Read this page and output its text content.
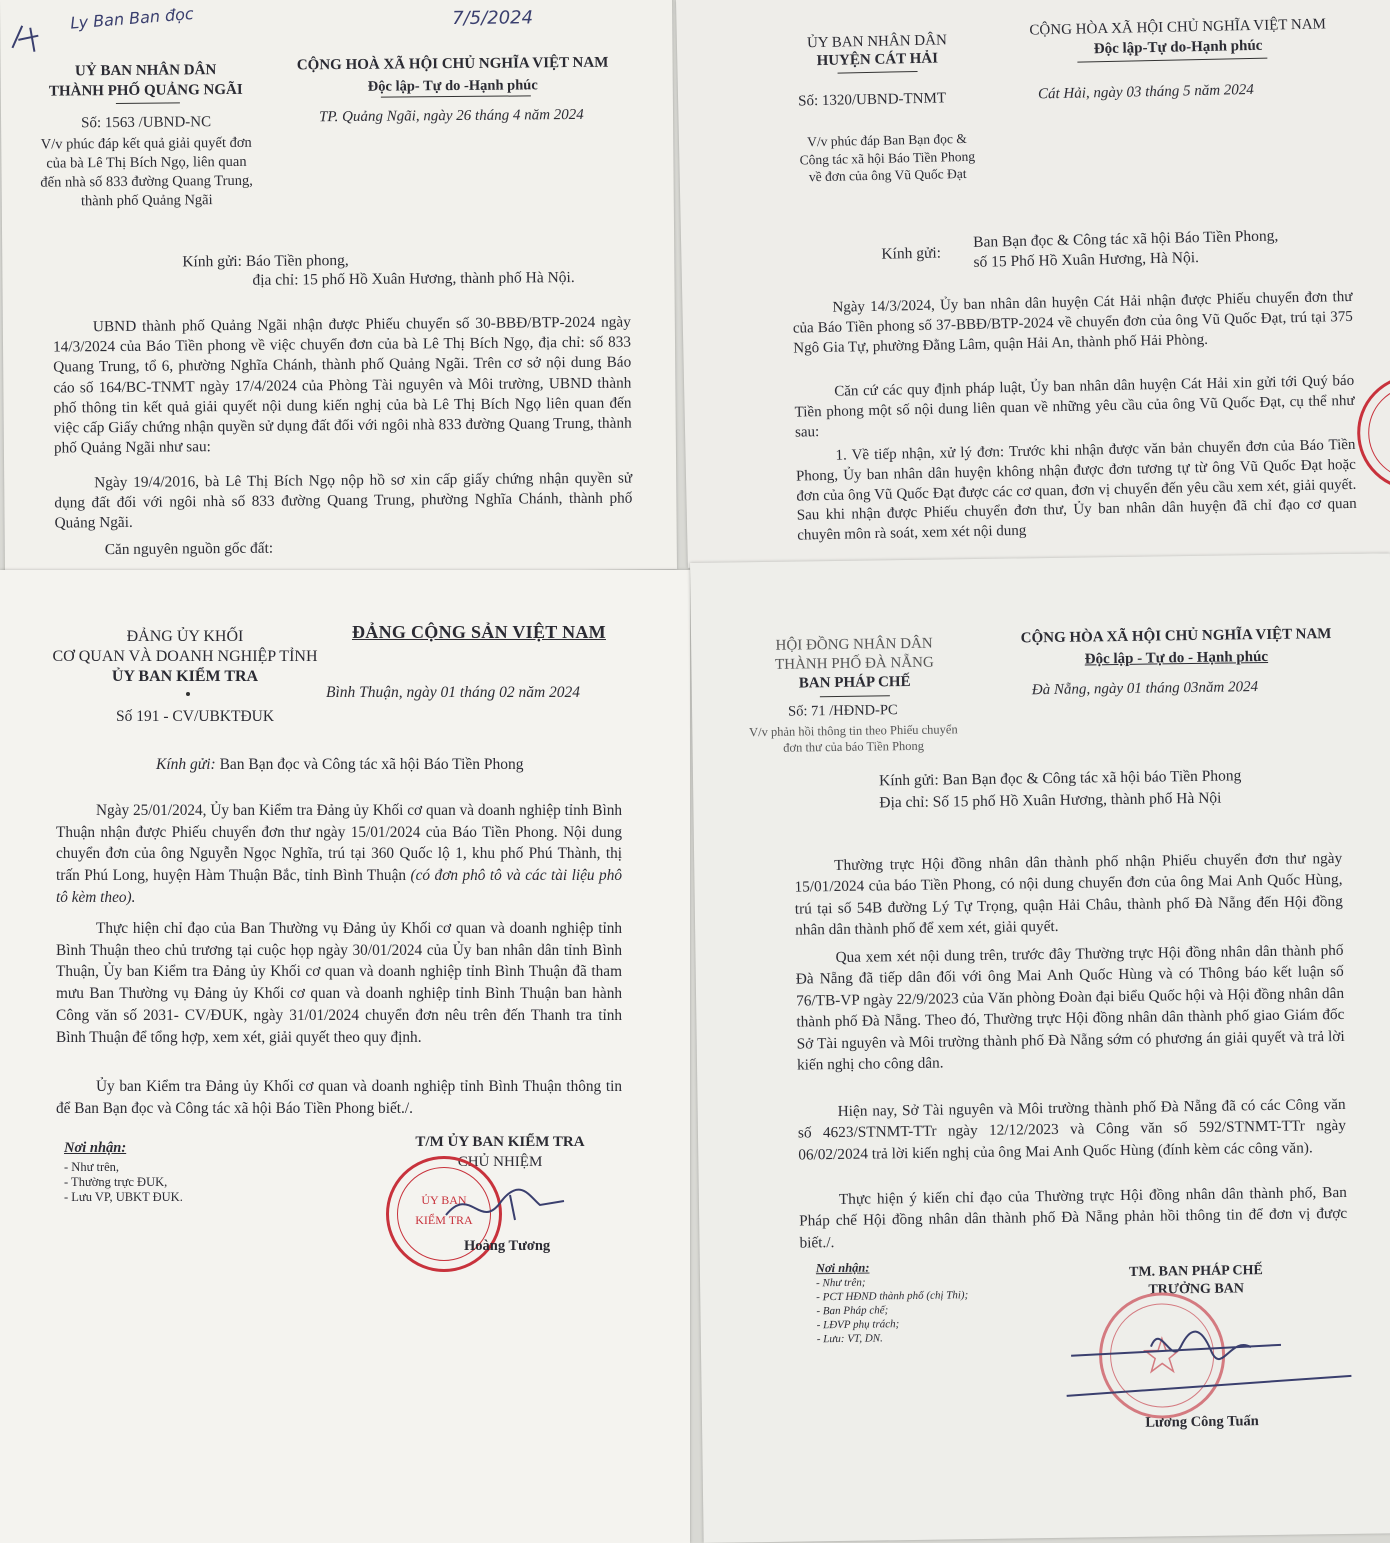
Ly Ban Ban đọc	7/5/2024

UỶ BAN NHÂN DÂN

THÀNH PHỐ QUẢNG NGÃI

CỘNG HOÀ XÃ HỘI CHỦ NGHĨA VIỆT NAM

Độc lập- Tự do -Hạnh phúc

Số: 1563 /UBND-NC

V/v phúc đáp kết quả giải quyết đơn của bà Lê Thị Bích Ngọ, liên quan đến nhà số 833 đường Quang Trung, thành phố Quảng Ngãi

TP. Quảng Ngãi, ngày 26 tháng 4 năm 2024

Kính gửi: Báo Tiền phong,

địa chỉ: 15 phố Hồ Xuân Hương, thành phố Hà Nội.

UBND thành phố Quảng Ngãi nhận được Phiếu chuyển số 30-BBĐ/BTP-2024 ngày 14/3/2024 của Báo Tiền phong về việc chuyển đơn của bà Lê Thị Bích Ngọ, địa chỉ: số 833 Quang Trung, tổ 6, phường Nghĩa Chánh, thành phố Quảng Ngãi. Trên cơ sở nội dung Báo cáo số 164/BC-TNMT ngày 17/4/2024 của Phòng Tài nguyên và Môi trường, UBND thành phố thông tin kết quả giải quyết nội dung kiến nghị của bà Lê Thị Bích Ngọ liên quan đến việc cấp Giấy chứng nhận quyền sử dụng đất đối với ngôi nhà 833 đường Quang Trung, thành phố Quảng Ngãi như sau:

Ngày 19/4/2016, bà Lê Thị Bích Ngọ nộp hồ sơ xin cấp giấy chứng nhận quyền sử dụng đất đối với ngôi nhà số 833 đường Quang Trung, phường Nghĩa Chánh, thành phố Quảng Ngãi.

Căn nguyên nguồn gốc đất:

ỦY BAN NHÂN DÂN

HUYỆN CÁT HẢI

CỘNG HÒA XÃ HỘI CHỦ NGHĨA VIỆT NAM

Độc lập-Tự do-Hạnh phúc

Số: 1320/UBND-TNMT	Cát Hải, ngày 03 tháng 5 năm 2024

V/v phúc đáp Ban Bạn đọc & Công tác xã hội Báo Tiền Phong về đơn của ông Vũ Quốc Đạt

Kính gửi:

Ban Bạn đọc & Công tác xã hội Báo Tiền Phong,

số 15 Phố Hồ Xuân Hương, Hà Nội.

Ngày 14/3/2024, Ủy ban nhân dân huyện Cát Hải nhận được Phiếu chuyển đơn thư của Báo Tiền phong số 37-BBĐ/BTP-2024 về chuyển đơn của ông Vũ Quốc Đạt, trú tại 375 Ngô Gia Tự, phường Đằng Lâm, quận Hải An, thành phố Hải Phòng.

Căn cứ các quy định pháp luật, Ủy ban nhân dân huyện Cát Hải xin gửi tới Quý báo Tiền phong một số nội dung liên quan về những yêu cầu của ông Vũ Quốc Đạt, cụ thể như sau:

1. Về tiếp nhận, xử lý đơn: Trước khi nhận được văn bản chuyển đơn của Báo Tiền Phong, Ủy ban nhân dân huyện không nhận được đơn tương tự từ ông Vũ Quốc Đạt hoặc đơn của ông Vũ Quốc Đạt được các cơ quan, đơn vị chuyển đến yêu cầu xem xét, giải quyết. Sau khi nhận được Phiếu chuyển đơn thư, Ủy ban nhân dân huyện đã chỉ đạo cơ quan chuyên môn rà soát, xem xét nội dung

ĐẢNG ỦY KHỐI

CƠ QUAN VÀ DOANH NGHIỆP TỈNH

ỦY BAN KIỂM TRA

ĐẢNG CỘNG SẢN VIỆT NAM

Bình Thuận, ngày 01 tháng 02 năm 2024

Số 191 - CV/UBKTĐUK

Kính gửi: Ban Bạn đọc và Công tác xã hội Báo Tiền Phong

Ngày 25/01/2024, Ủy ban Kiểm tra Đảng ủy Khối cơ quan và doanh nghiệp tỉnh Bình Thuận nhận được Phiếu chuyển đơn thư ngày 15/01/2024 của Báo Tiền Phong. Nội dung chuyển đơn của ông Nguyễn Ngọc Nghĩa, trú tại 360 Quốc lộ 1, khu phố Phú Thành, thị trấn Phú Long, huyện Hàm Thuận Bắc, tỉnh Bình Thuận (có đơn phô tô và các tài liệu phô tô kèm theo).

Thực hiện chỉ đạo của Ban Thường vụ Đảng ủy Khối cơ quan và doanh nghiệp tỉnh Bình Thuận theo chủ trương tại cuộc họp ngày 30/01/2024 của Ủy ban nhân dân tỉnh Bình Thuận, Ủy ban Kiểm tra Đảng ủy Khối cơ quan và doanh nghiệp tỉnh Bình Thuận đã tham mưu Ban Thường vụ Đảng ủy Khối cơ quan và doanh nghiệp tỉnh Bình Thuận ban hành Công văn số 2031- CV/ĐUK, ngày 31/01/2024 chuyển đơn nêu trên đến Thanh tra tỉnh Bình Thuận để tổng hợp, xem xét, giải quyết theo quy định.

Ủy ban Kiểm tra Đảng ủy Khối cơ quan và doanh nghiệp tỉnh Bình Thuận thông tin để Ban Bạn đọc và Công tác xã hội Báo Tiền Phong biết./.

Nơi nhận:

- Như trên,

- Thường trực ĐUK,

- Lưu VP, UBKT ĐUK.

T/M ỦY BAN KIỂM TRA

CHỦ NHIỆM

ỦY BAN
KIỂM TRA

Hoàng Tương

HỘI ĐỒNG NHÂN DÂN

THÀNH PHỐ ĐÀ NẴNG

BAN PHÁP CHẾ

CỘNG HÒA XÃ HỘI CHỦ NGHĨA VIỆT NAM

Độc lập - Tự do - Hạnh phúc

Đà Nẵng, ngày 01 tháng 03năm 2024

Số: 71 /HĐND-PC

V/v phản hồi thông tin theo Phiếu chuyển đơn thư của báo Tiền Phong

Kính gửi: Ban Bạn đọc & Công tác xã hội báo Tiền Phong

Địa chỉ: Số 15 phố Hồ Xuân Hương, thành phố Hà Nội

Thường trực Hội đồng nhân dân thành phố nhận Phiếu chuyển đơn thư ngày 15/01/2024 của báo Tiền Phong, có nội dung chuyển đơn của ông Mai Anh Quốc Hùng, trú tại số 54B đường Lý Tự Trọng, quận Hải Châu, thành phố Đà Nẵng đến Hội đồng nhân dân thành phố để xem xét, giải quyết.

Qua xem xét nội dung trên, trước đây Thường trực Hội đồng nhân dân thành phố Đà Nẵng đã tiếp dân đối với ông Mai Anh Quốc Hùng và có Thông báo kết luận số 76/TB-VP ngày 22/9/2023 của Văn phòng Đoàn đại biểu Quốc hội và Hội đồng nhân dân thành phố Đà Nẵng. Theo đó, Thường trực Hội đồng nhân dân thành phố giao Giám đốc Sở Tài nguyên và Môi trường thành phố Đà Nẵng sớm có phương án giải quyết và trả lời kiến nghị cho công dân.

Hiện nay, Sở Tài nguyên và Môi trường thành phố Đà Nẵng đã có các Công văn số 4623/STNMT-TTr ngày 12/12/2023 và Công văn số 592/STNMT-TTr ngày 06/02/2024 trả lời kiến nghị của ông Mai Anh Quốc Hùng (đính kèm các công văn).

Thực hiện ý kiến chỉ đạo của Thường trực Hội đồng nhân dân thành phố, Ban Pháp chế Hội đồng nhân dân thành phố Đà Nẵng phản hồi thông tin để đơn vị được biết./.

Nơi nhận:

- Như trên;

- PCT HĐND thành phố (chị Thi);

- Ban Pháp chế;

- LĐVP phụ trách;

- Lưu: VT, DN.

TM. BAN PHÁP CHẾ

TRƯỞNG BAN

Lương Công Tuấn
